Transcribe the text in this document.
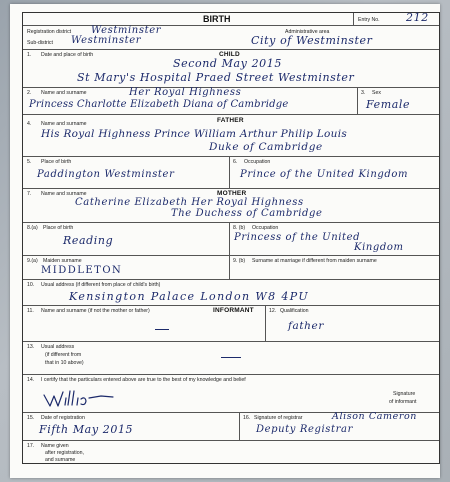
BIRTH	Entry No. 212
Registration district Westminster
Sub-district Westminster
Administrative area
City of Westminster
1. Date and place of birth	CHILD
Second May 2015
St Mary's Hospital Praed Street Westminster
2. Name and surname	Her Royal Highness
Princess Charlotte Elizabeth Diana of Cambridge
3. Sex
Female
4. Name and surname	FATHER
His Royal Highness Prince William Arthur Philip Louis
Duke of Cambridge
5. Place of birth
Paddington Westminster
6. Occupation
Prince of the United Kingdom
7. Name and surname	MOTHER
Catherine Elizabeth Her Royal Highness
The Duchess of Cambridge
8.(a) Place of birth
Reading
8. (b) Occupation
Princess of the United
Kingdom
9.(a) Maiden surname
MIDDLETON
9. (b) Surname at marriage if different from maiden surname
10. Usual address (if different from place of child's birth)
Kensington Palace London W8 4PU
11. Name and surname (if not the mother or father)	INFORMANT	12. Qualification
father
13. Usual address
(if different from
that in 10 above)
14. I certify that the particulars entered above are true to the best of my knowledge and belief
William
Signature
of informant
15. Date of registration
Fifth May 2015
16. Signature of registrar	Alison Cameron
Deputy Registrar
17. Name given
after registration,
and surname
